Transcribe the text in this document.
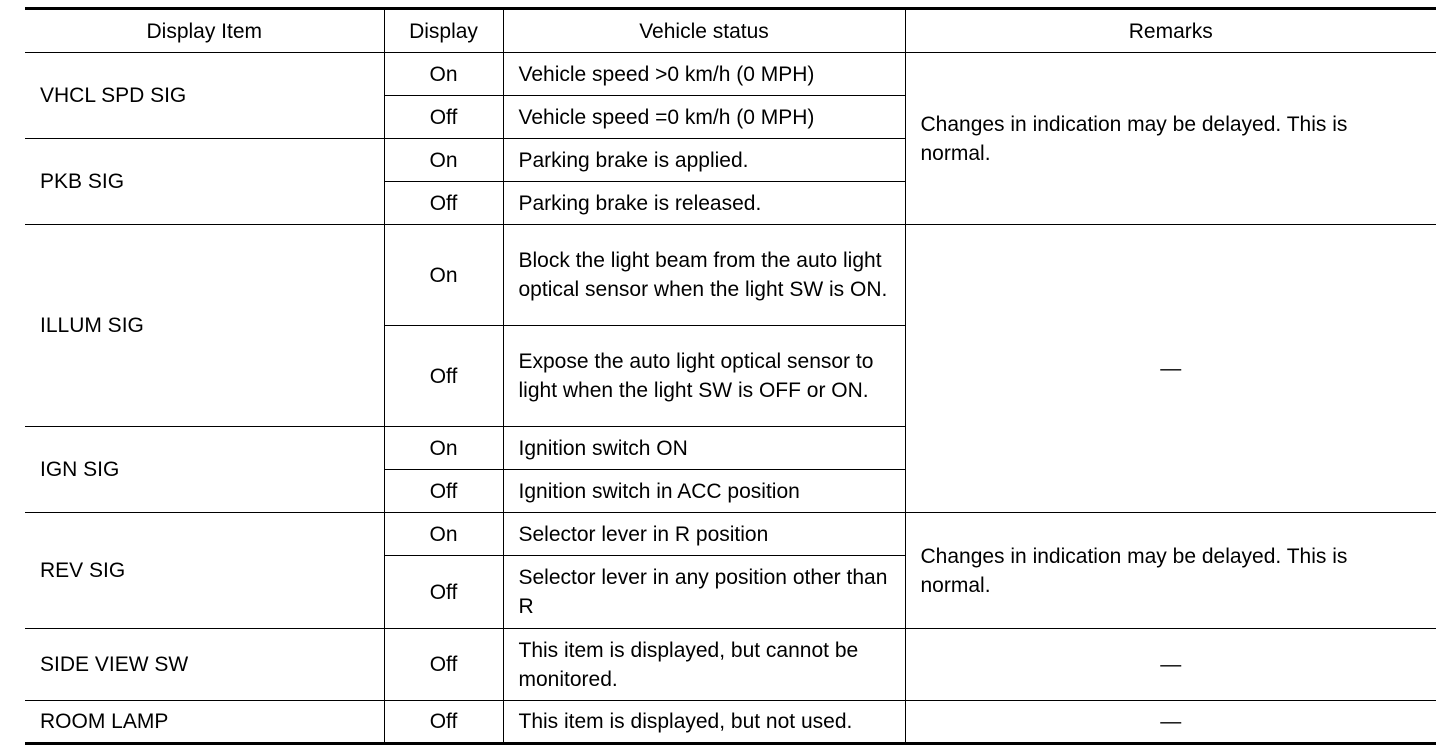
Display Item	Display	Vehicle status	Remarks
VHCL SPD SIG	On	Vehicle speed >0 km/h (0 MPH)	Changes in indication may be delayed. This is normal.
	Off	Vehicle speed =0 km/h (0 MPH)	
PKB SIG	On	Parking brake is applied.	
	Off	Parking brake is released.	
ILLUM SIG	On	Block the light beam from the auto light optical sensor when the light SW is ON.	—
	Off	Expose the auto light optical sensor to light when the light SW is OFF or ON.	
IGN SIG	On	Ignition switch ON	
	Off	Ignition switch in ACC position	
REV SIG	On	Selector lever in R position	Changes in indication may be delayed. This is normal.
	Off	Selector lever in any position other than R	
SIDE VIEW SW	Off	This item is displayed, but cannot be monitored.	—
ROOM LAMP	Off	This item is displayed, but not used.	—
